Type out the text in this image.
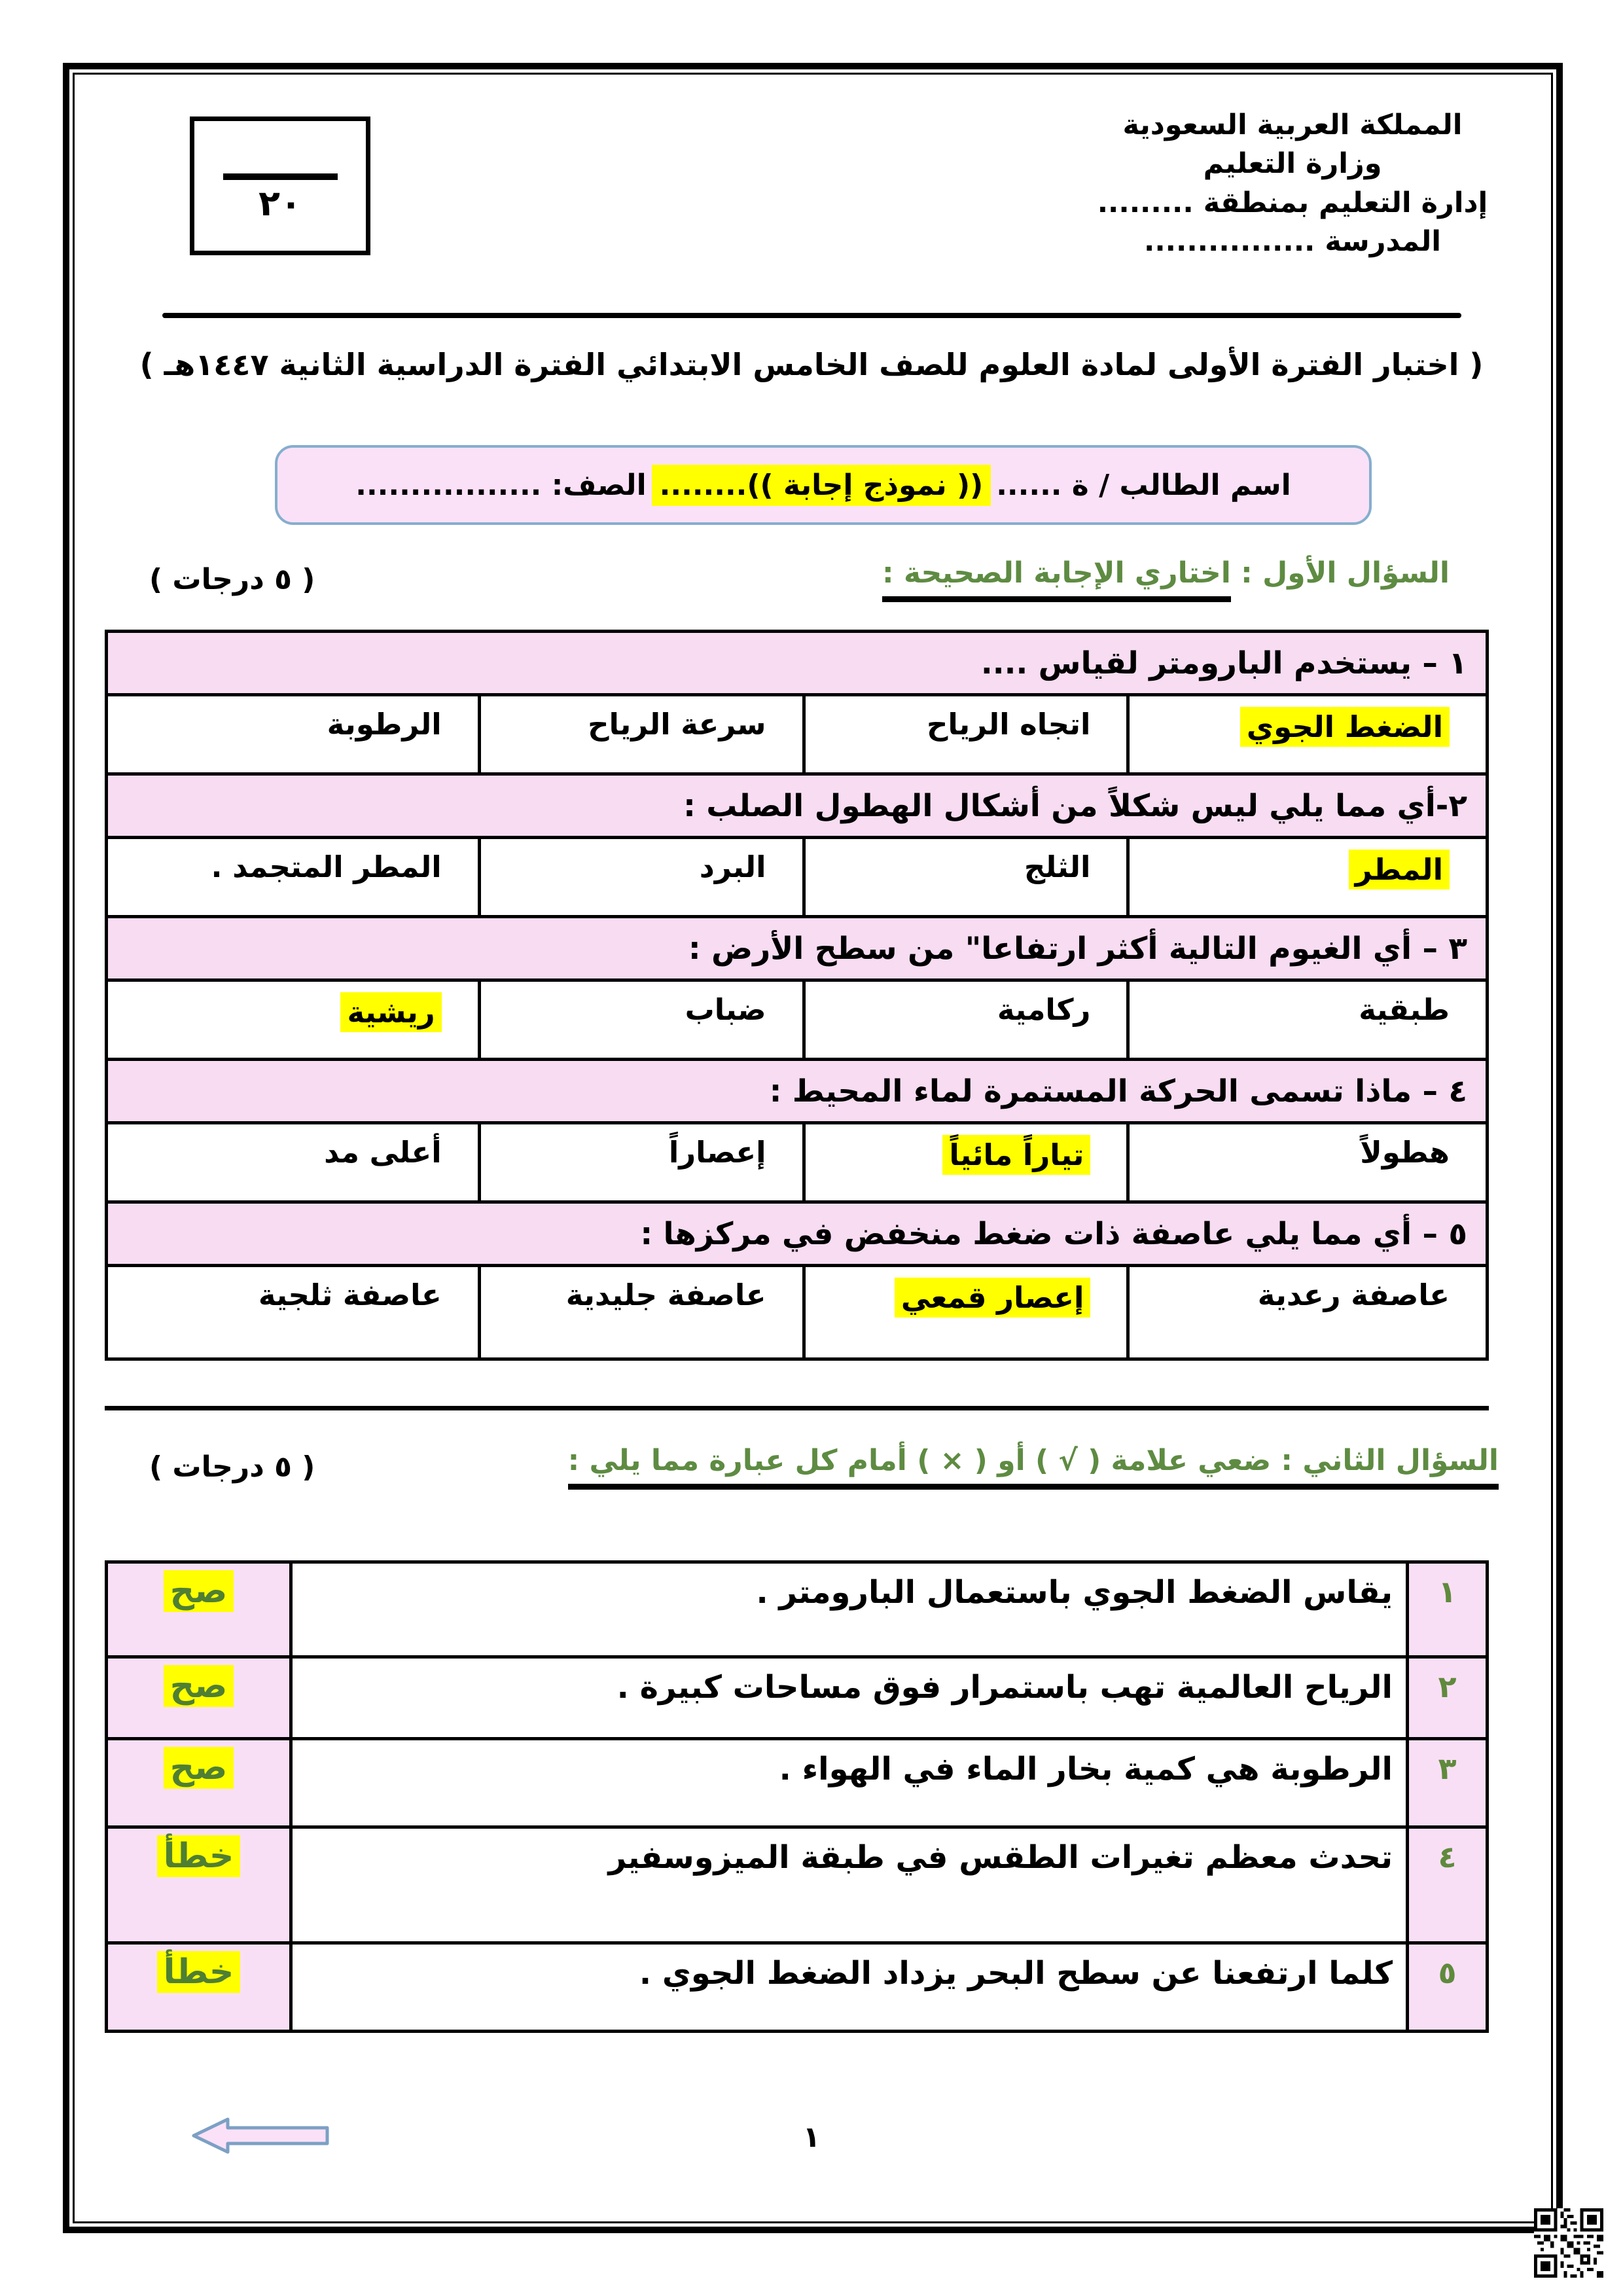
٢٠
المملكة العربية السعودية
وزارة التعليم
إدارة التعليم بمنطقة .........
المدرسة ................
( اختبار الفترة الأولى لمادة العلوم للصف الخامس الابتدائي الفترة الدراسية الثانية ١٤٤٧هـ )
اسم الطالب / ة ......
(( نموذج إجابة ))........
الصف: .................
السؤال الأول : اختاري الإجابة الصحيحة :
( ٥ درجات )
١ – يستخدم البارومتر لقياس ....			
الضغط الجوي	اتجاه الرياح	سرعة الرياح	الرطوبة
٢-أي مما يلي ليس شكلاً من أشكال الهطول الصلب :			
المطر	الثلج	البرد	المطر المتجمد .
٣ – أي الغيوم التالية أكثر ارتفاعا" من سطح الأرض :			
طبقية	ركامية	ضباب	ريشية
٤ – ماذا تسمى الحركة المستمرة لماء المحيط :			
هطولاً	تياراً مائياً	إعصاراً	أعلى مد
٥ – أي مما يلي عاصفة ذات ضغط منخفض في مركزها :			
عاصفة رعدية	إعصار قمعي	عاصفة جليدية	عاصفة ثلجية
السؤال الثاني : ضعي علامة ( √ ) أو ( × ) أمام كل عبارة مما يلي :
( ٥ درجات )
١	يقاس الضغط الجوي باستعمال البارومتر .	صح
٢	الرياح العالمية تهب باستمرار فوق مساحات كبيرة .	صح
٣	الرطوبة هي كمية بخار الماء في الهواء .	صح
٤	تحدث معظم تغيرات الطقس في طبقة الميزوسفير	خطأ
٥	كلما ارتفعنا عن سطح البحر يزداد الضغط الجوي .	خطأ
١
